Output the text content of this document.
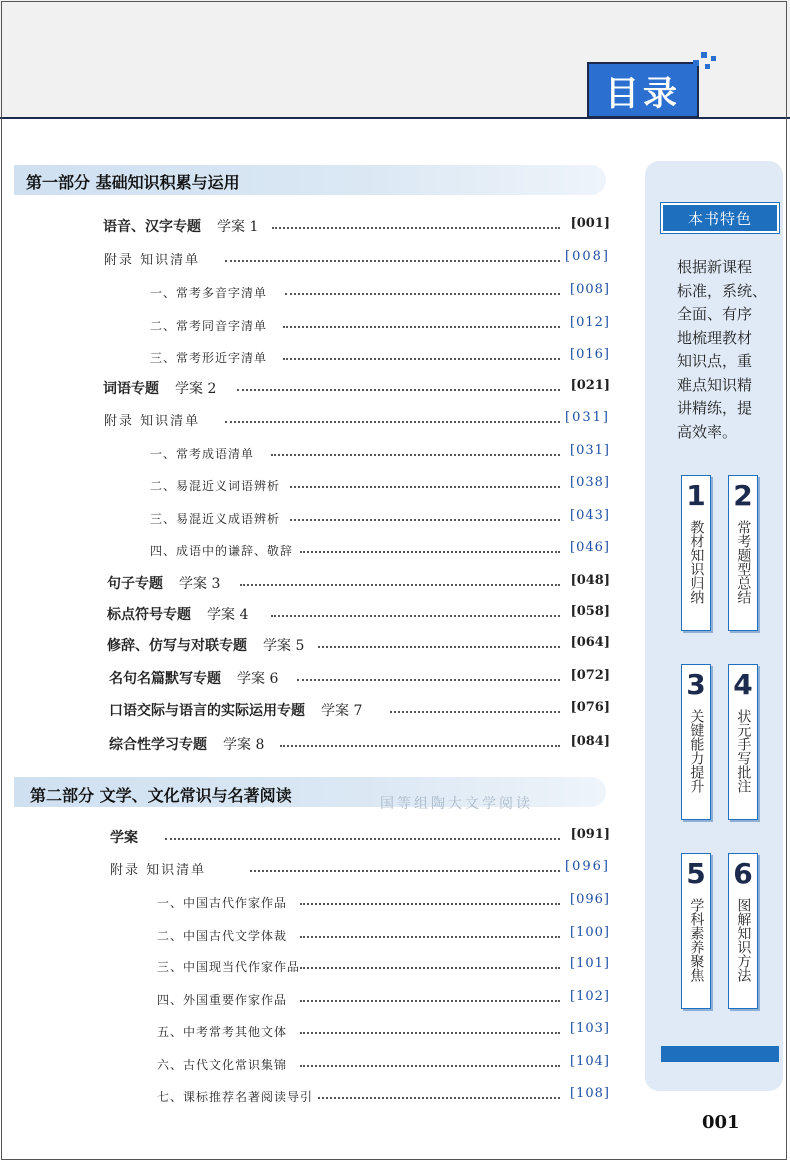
目录
第一部分 基础知识积累与运用
语音、汉字专题 学案 1	[001]
附录 知识清单	[008]
一、常考多音字清单	[008]
二、常考同音字清单	[012]
三、常考形近字清单	[016]
词语专题 学案 2	[021]
附录 知识清单	[031]
一、常考成语清单	[031]
二、易混近义词语辨析	[038]
三、易混近义成语辨析	[043]
四、成语中的谦辞、敬辞	[046]
句子专题 学案 3	[048]
标点符号专题 学案 4	[058]
修辞、仿写与对联专题 学案 5	[064]
名句名篇默写专题 学案 6	[072]
口语交际与语言的实际运用专题 学案 7	[076]
综合性学习专题 学案 8	[084]
第二部分 文学、文化常识与名著阅读	国等组陶大文学阅读
学案	[091]
附录 知识清单	[096]
一、中国古代作家作品	[096]
二、中国古代文学体裁	[100]
三、中国现当代作家作品	[101]
四、外国重要作家作品	[102]
五、中考常考其他文体	[103]
六、古代文化常识集锦	[104]
七、课标推荐名著阅读导引	[108]
本书特色
根据新课程
标准，系统、
全面、有序
地梳理教材
知识点，重
难点知识精
讲精练，提
高效率。
1
教材知识归纳
2
常考题型总结
3
关键能力提升
4
状元手写批注
5
学科素养聚焦
6
图解知识方法
001
